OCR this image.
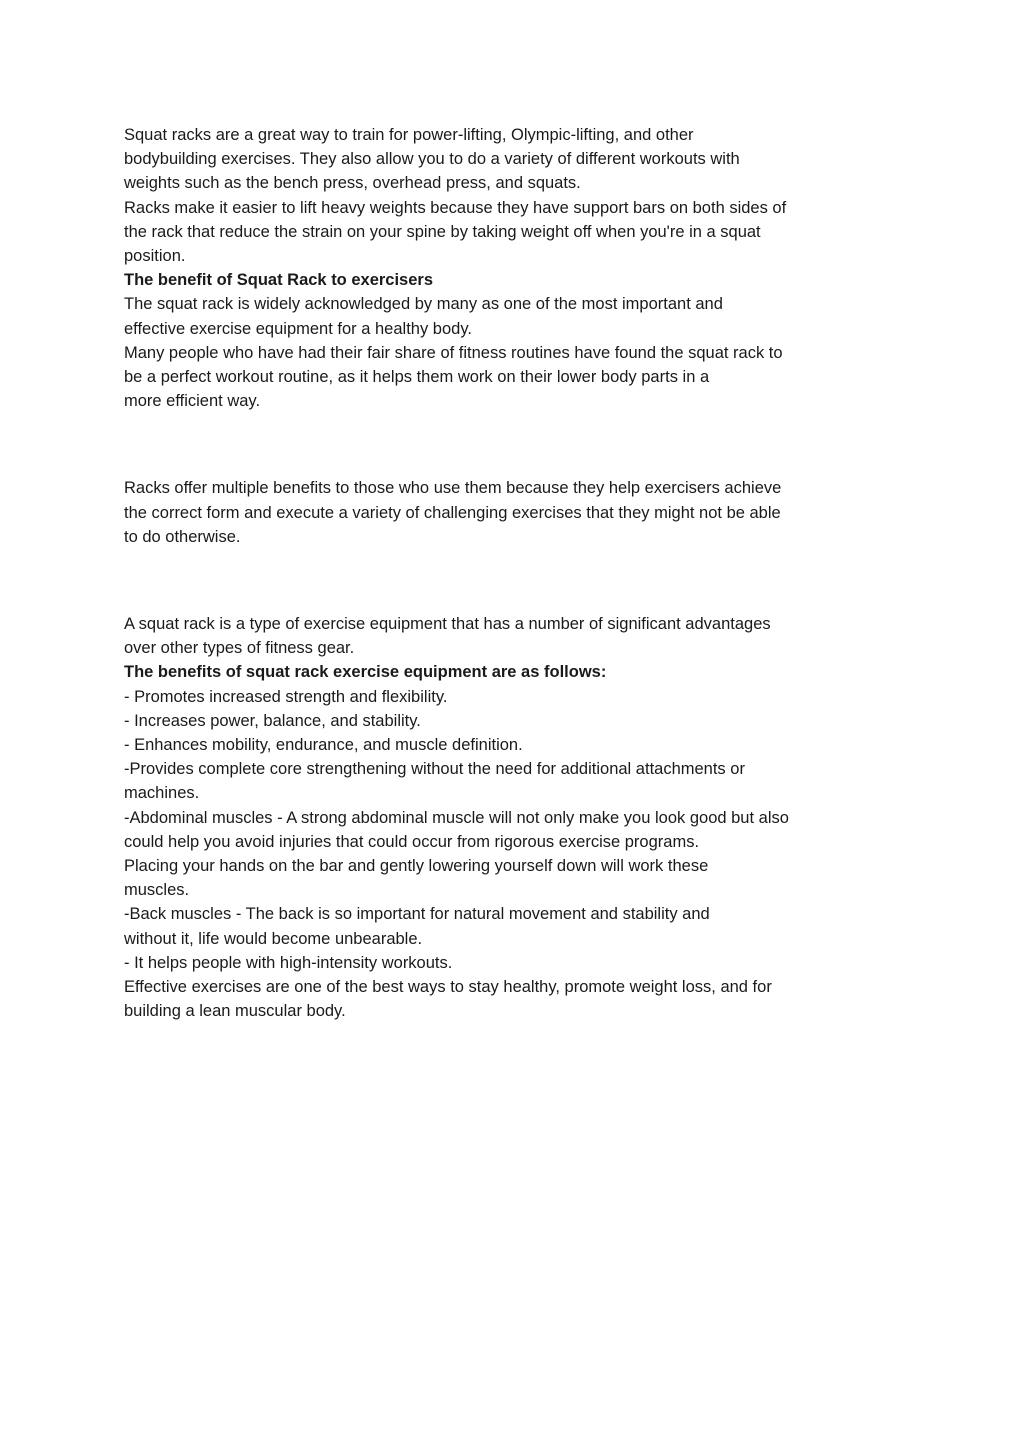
Squat racks are a great way to train for power-lifting, Olympic-lifting, and other
bodybuilding exercises. They also allow you to do a variety of different workouts with
weights such as the bench press, overhead press, and squats.
Racks make it easier to lift heavy weights because they have support bars on both sides of
the rack that reduce the strain on your spine by taking weight off when you're in a squat
position.
The benefit of Squat Rack to exercisers
The squat rack is widely acknowledged by many as one of the most important and
effective exercise equipment for a healthy body.
Many people who have had their fair share of fitness routines have found the squat rack to
be a perfect workout routine, as it helps them work on their lower body parts in a
more efficient way.
Racks offer multiple benefits to those who use them because they help exercisers achieve
the correct form and execute a variety of challenging exercises that they might not be able
to do otherwise.
A squat rack is a type of exercise equipment that has a number of significant advantages
over other types of fitness gear.
The benefits of squat rack exercise equipment are as follows:
- Promotes increased strength and flexibility.
- Increases power, balance, and stability.
- Enhances mobility, endurance, and muscle definition.
-Provides complete core strengthening without the need for additional attachments or
machines.
-Abdominal muscles - A strong abdominal muscle will not only make you look good but also
could help you avoid injuries that could occur from rigorous exercise programs.
Placing your hands on the bar and gently lowering yourself down will work these
muscles.
-Back muscles - The back is so important for natural movement and stability and
without it, life would become unbearable.
- It helps people with high-intensity workouts.
Effective exercises are one of the best ways to stay healthy, promote weight loss, and for
building a lean muscular body.
